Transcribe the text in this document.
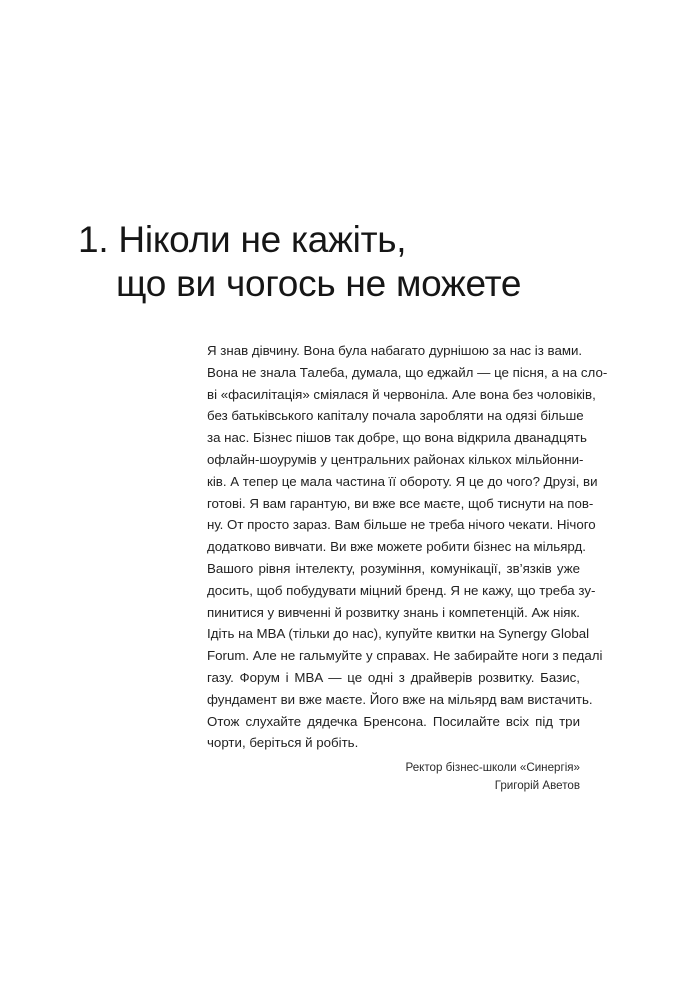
1. Ніколи не кажіть,
що ви чогось не можете

Я знав дівчину. Вона була набагато дурнішою за нас із вами.
Вона не знала Талеба, думала, що еджайл — це пісня, а на сло-
ві «фасилітація» сміялася й червоніла. Але вона без чоловіків,
без батьківського капіталу почала заробляти на одязі більше
за нас. Бізнес пішов так добре, що вона відкрила дванадцять
офлайн-шоурумів у центральних районах кількох мільйонни-
ків. А тепер це мала частина її обороту. Я це до чого? Друзі, ви
готові. Я вам гарантую, ви вже все маєте, щоб тиснути на пов-
ну. От просто зараз. Вам більше не треба нічого чекати. Нічого
додатково вивчати. Ви вже можете робити бізнес на мільярд.
Вашого рівня інтелекту, розуміння, комунікації, зв’язків уже
досить, щоб побудувати міцний бренд. Я не кажу, що треба зу-
пинитися у вивченні й розвитку знань і компетенцій. Аж ніяк.
Ідіть на MBA (тільки до нас), купуйте квитки на Synergy Global
Forum. Але не гальмуйте у справах. Не забирайте ноги з педалі
газу. Форум і MBA — це одні з драйверів розвитку. Базис,
фундамент ви вже маєте. Його вже на мільярд вам вистачить.
Отож слухайте дядечка Бренсона. Посилайте всіх під три
чорти, беріться й робіть.

Ректор бізнес-школи «Синергія»
Григорій Аветов
